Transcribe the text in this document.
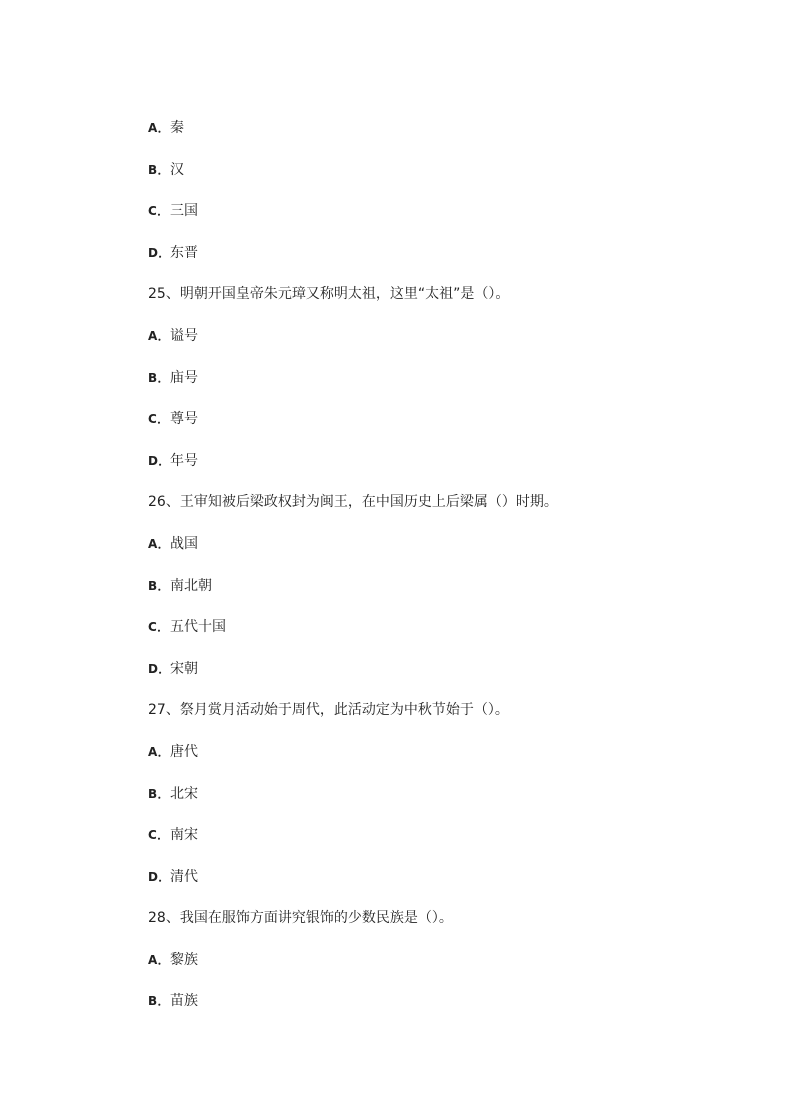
A．秦
B．汉
C．三国
D．东晋
25、明朝开国皇帝朱元璋又称明太祖，这里“太祖”是（）。
A．谥号
B．庙号
C．尊号
D．年号
26、王审知被后梁政权封为闽王，在中国历史上后梁属（）时期。
A．战国
B．南北朝
C．五代十国
D．宋朝
27、祭月赏月活动始于周代，此活动定为中秋节始于（）。
A．唐代
B．北宋
C．南宋
D．清代
28、我国在服饰方面讲究银饰的少数民族是（）。
A．黎族
B．苗族
